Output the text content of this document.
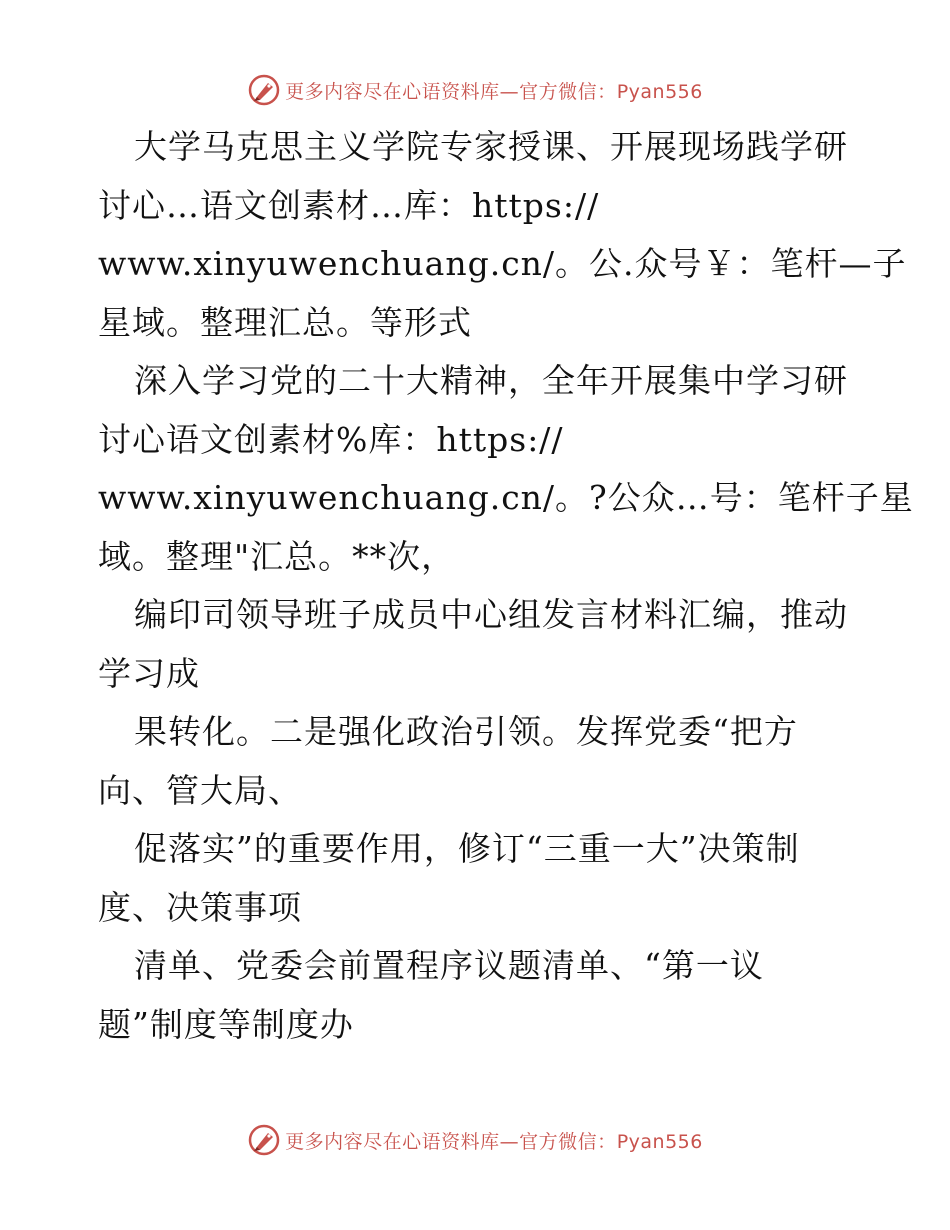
更多内容尽在心语资料库—官方微信：Pyan556
大学马克思主义学院专家授课、开展现场践学研
讨心…语文创素材…库：https://
www.xinyuwenchuang.cn/。公.众号￥：笔杆—子
星域。整理汇总。等形式
深入学习党的二十大精神，全年开展集中学习研
讨心语文创素材%库：https://
www.xinyuwenchuang.cn/。?公众…号：笔杆子星
域。整理"汇总。**次，
编印司领导班子成员中心组发言材料汇编，推动
学习成
果转化。二是强化政治引领。发挥党委“把方
向、管大局、
促落实”的重要作用，修订“三重一大”决策制
度、决策事项
清单、党委会前置程序议题清单、“第一议
题”制度等制度办
更多内容尽在心语资料库—官方微信：Pyan556
